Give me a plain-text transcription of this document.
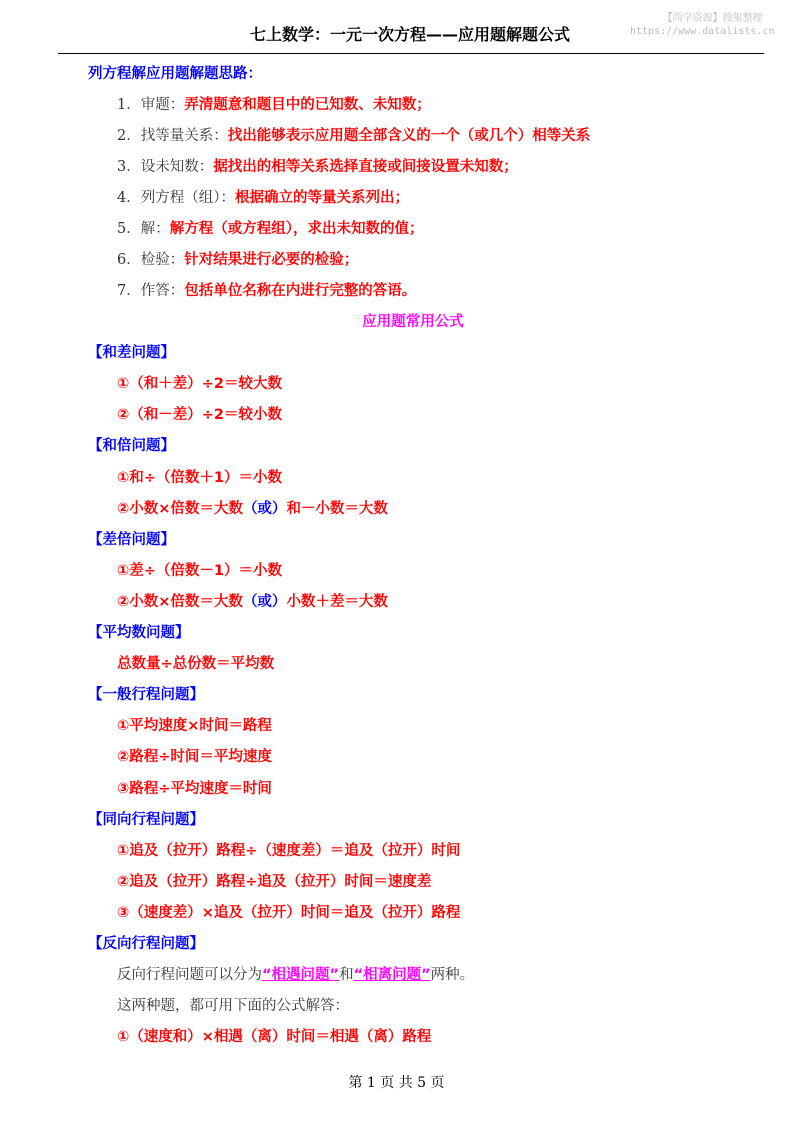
七上数学：一元一次方程——应用题解题公式
【尚学资源】搜集整理
https://www.datalists.cn
列方程解应用题解题思路：
1．审题：弄清题意和题目中的已知数、未知数；
2．找等量关系：找出能够表示应用题全部含义的一个（或几个）相等关系
3．设未知数：据找出的相等关系选择直接或间接设置未知数；
4．列方程（组）：根据确立的等量关系列出；
5．解：解方程（或方程组），求出未知数的值；
6．检验：针对结果进行必要的检验；
7．作答：包括单位名称在内进行完整的答语。
应用题常用公式
【和差问题】
①（和＋差）÷2＝较大数
②（和－差）÷2＝较小数
【和倍问题】
①和÷（倍数＋1）＝小数
②小数×倍数＝大数（或）和－小数＝大数
【差倍问题】
①差÷（倍数－1）＝小数
②小数×倍数＝大数（或）小数＋差＝大数
【平均数问题】
总数量÷总份数＝平均数
【一般行程问题】
①平均速度×时间＝路程
②路程÷时间＝平均速度
③路程÷平均速度＝时间
【同向行程问题】
①追及（拉开）路程÷（速度差）＝追及（拉开）时间
②追及（拉开）路程÷追及（拉开）时间＝速度差
③（速度差）×追及（拉开）时间＝追及（拉开）路程
【反向行程问题】
反向行程问题可以分为“相遇问题”和“相离问题”两种。
这两种题，都可用下面的公式解答：
①（速度和）×相遇（离）时间＝相遇（离）路程
第 1 页 共 5 页
